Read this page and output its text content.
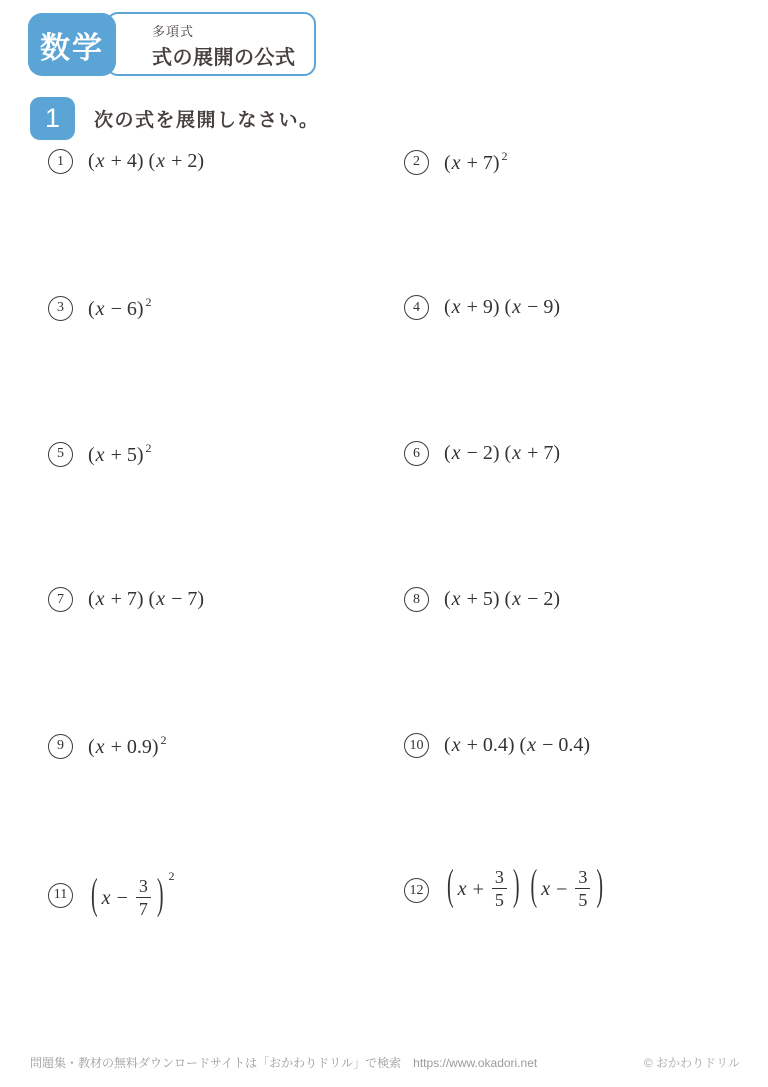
多項式
式の展開の公式
数学
1	次の式を展開しなさい。
1	(x + 4) (x + 2)	2	(x + 7) $^2$
3	(x − 6) $^2$	4	(x + 9) (x − 9)
5	(x + 5) $^2$	6	(x − 2) (x + 7)
7	(x + 7) (x − 7)	8	(x + 5) (x − 2)
9	(x + 0.9) $^2$	10 (x + 0.4) (x − 0.4)
11 ( $x - \frac{3}{7}$ ) $^2$
12 ( $x + \frac{3}{5}$ ) ( $x - \frac{3}{5}$ )
問題集・教材の無料ダウンロードサイトは「おかわりドリル」で検索　https://www.okadori.net	© おかわりドリル
